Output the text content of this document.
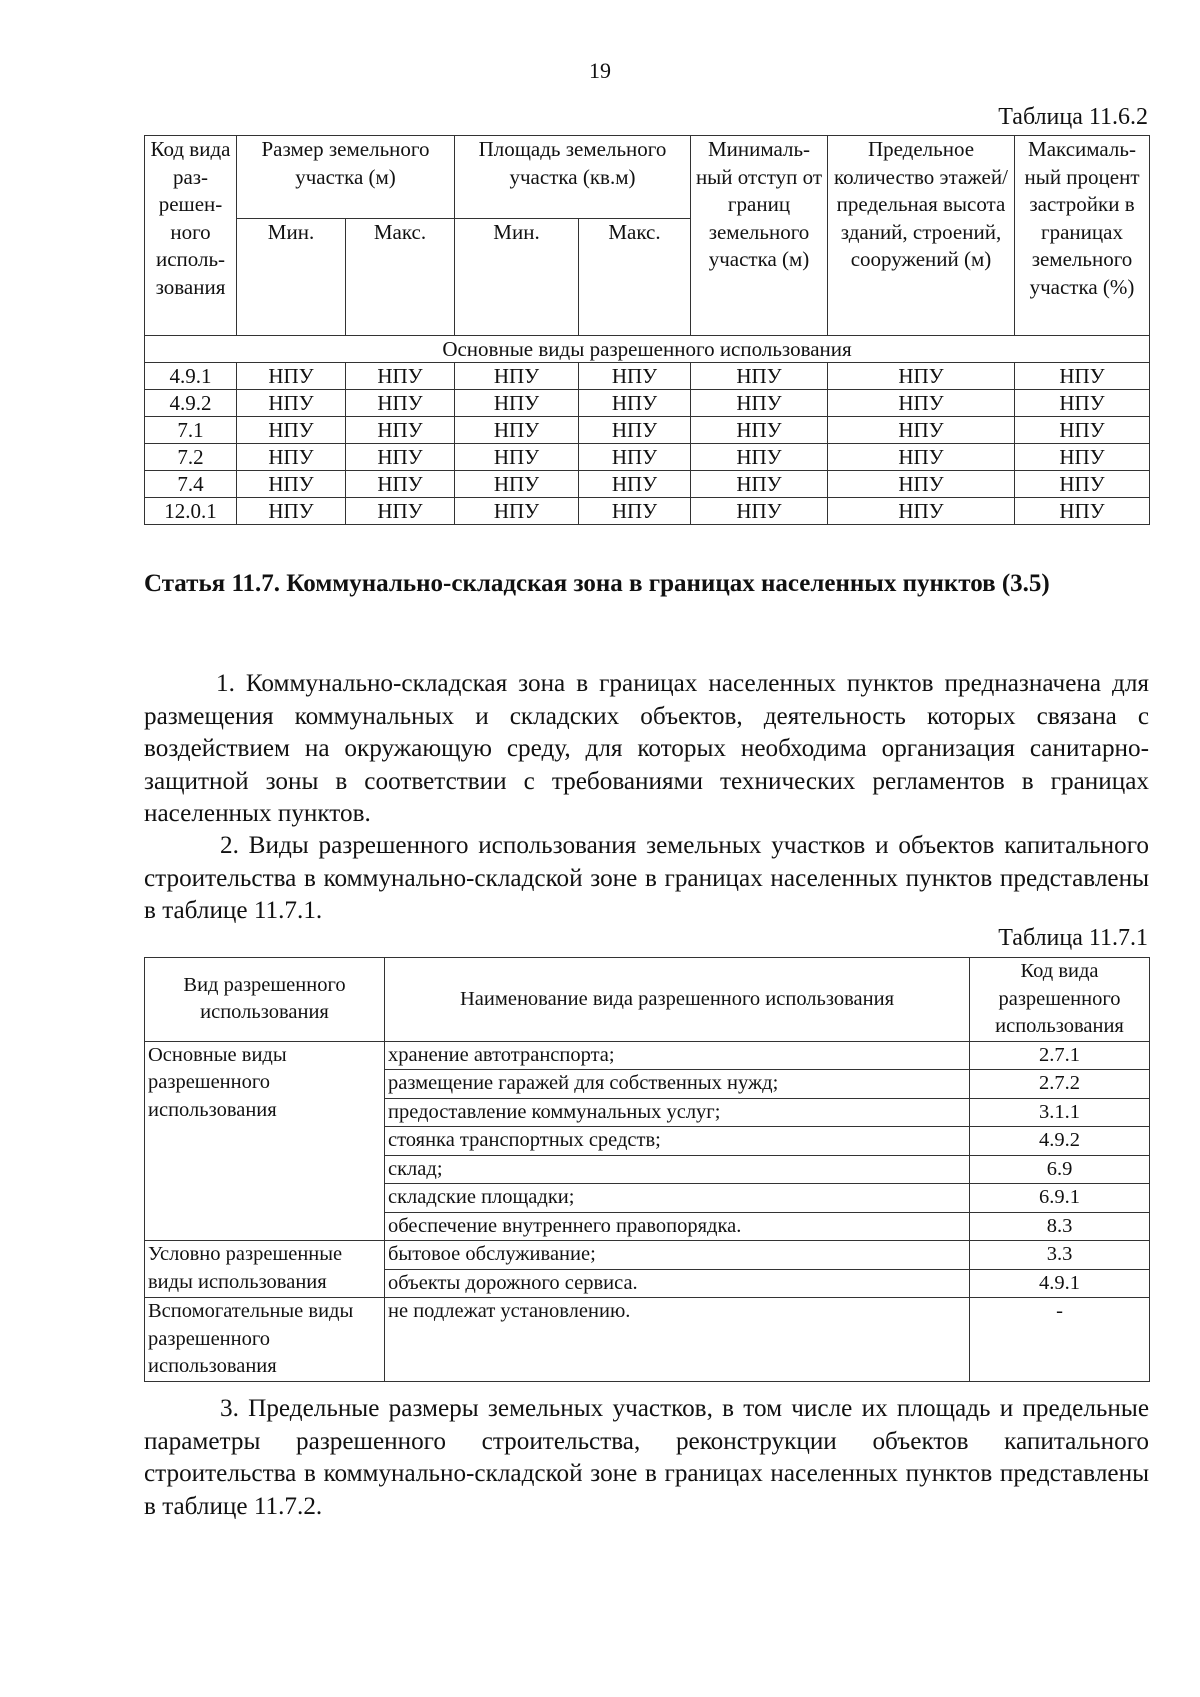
19
Таблица 11.6.2
Код вида раз- решен- ного исполь- зования	Размер земельного участка (м)		Площадь земельного участка (кв.м)		Минималь- ный отступ от границ земельного участка (м)	Предельное количество этажей/ предельная высота зданий, строений, сооружений (м)	Максималь- ный процент застройки в границах земельного участка (%)
	Мин.	Макс.	Мин.	Макс.			
Основные виды разрешенного использования							
4.9.1	НПУ	НПУ	НПУ	НПУ	НПУ	НПУ	НПУ
4.9.2	НПУ	НПУ	НПУ	НПУ	НПУ	НПУ	НПУ
7.1	НПУ	НПУ	НПУ	НПУ	НПУ	НПУ	НПУ
7.2	НПУ	НПУ	НПУ	НПУ	НПУ	НПУ	НПУ
7.4	НПУ	НПУ	НПУ	НПУ	НПУ	НПУ	НПУ
12.0.1	НПУ	НПУ	НПУ	НПУ	НПУ	НПУ	НПУ
Статья 11.7. Коммунально-складская зона в границах населенных пунктов (3.5)
1. Коммунально-складская зона в границах населенных пунктов предназначена для размещения коммунальных и складских объектов, деятельность которых связана с воздействием на окружающую среду, для которых необходима организация санитарно-защитной зоны в соответствии с требованиями технических регламентов в границах населенных пунктов.
2. Виды разрешенного использования земельных участков и объектов капитального строительства в коммунально-складской зоне в границах населенных пунктов представлены в таблице 11.7.1.
Таблица 11.7.1
Вид разрешенного использования	Наименование вида разрешенного использования	Код вида разрешенного использования
Основные виды разрешенного использования	хранение автотранспорта;	2.7.1
	размещение гаражей для собственных нужд;	2.7.2
	предоставление коммунальных услуг;	3.1.1
	стоянка транспортных средств;	4.9.2
	склад;	6.9
	складские площадки;	6.9.1
	обеспечение внутреннего правопорядка.	8.3
Условно разрешенные виды использования	бытовое обслуживание;	3.3
	объекты дорожного сервиса.	4.9.1
Вспомогательные виды разрешенного использования	не подлежат установлению.	-
3. Предельные размеры земельных участков, в том числе их площадь и предельные параметры разрешенного строительства, реконструкции объектов капитального строительства в коммунально-складской зоне в границах населенных пунктов представлены в таблице 11.7.2.
